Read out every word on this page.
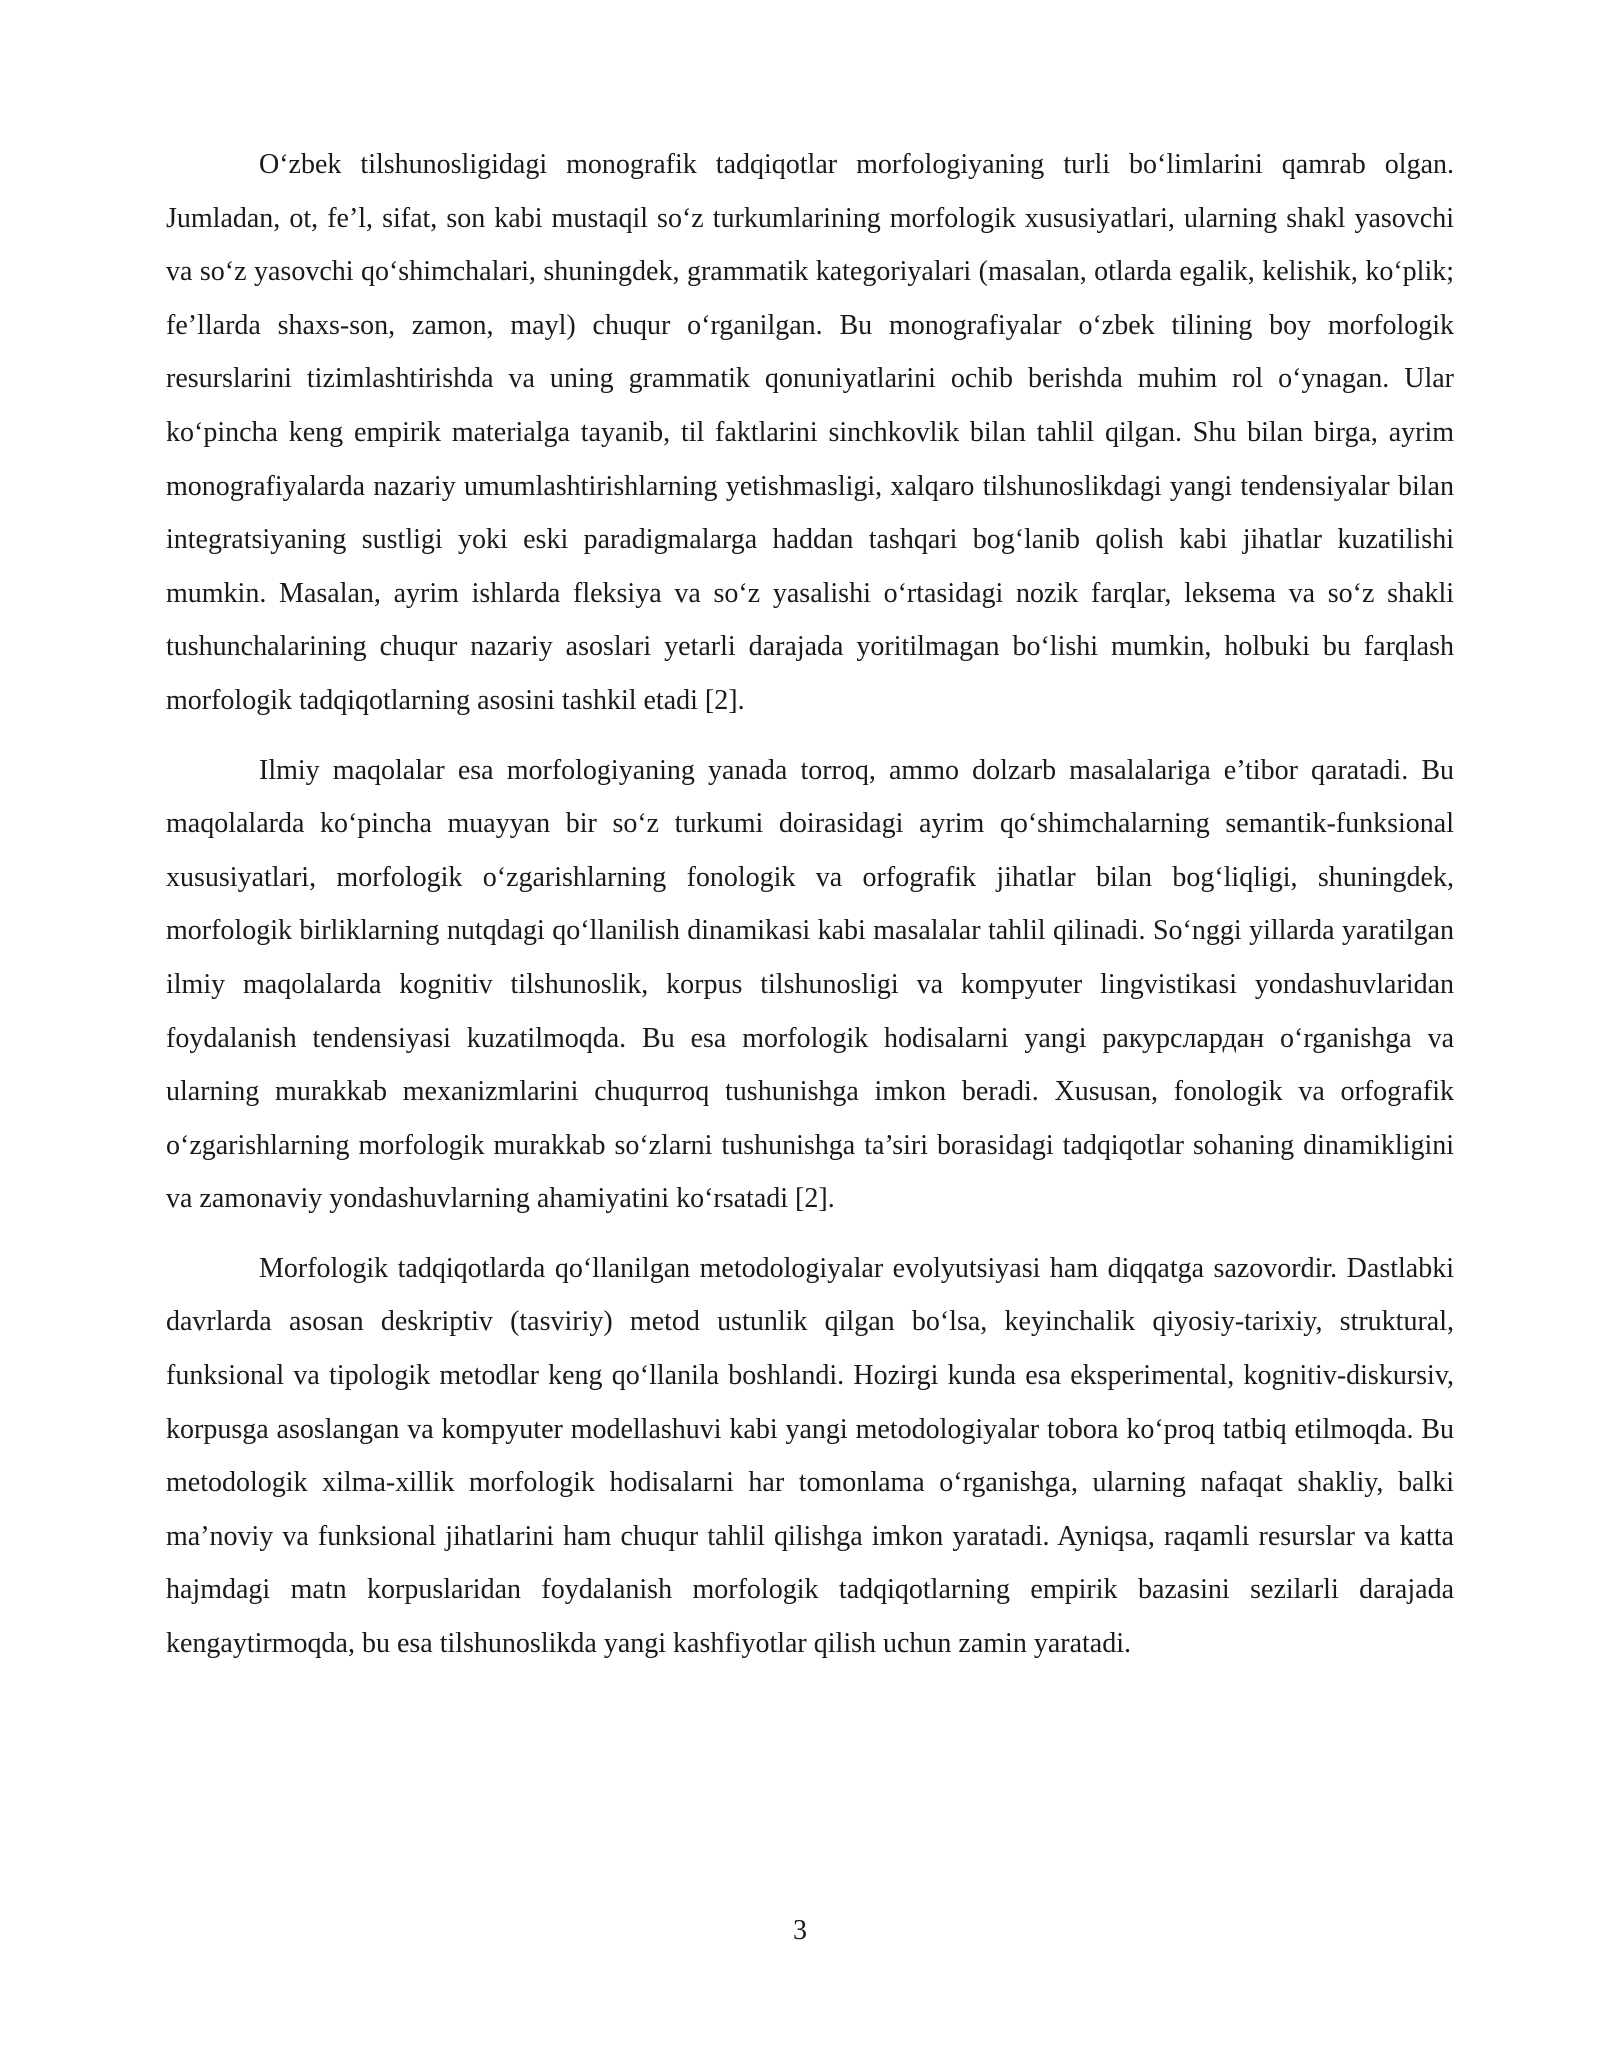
O‘zbek tilshunosligidagi monografik tadqiqotlar morfologiyaning turli bo‘limlarini qamrab olgan. Jumladan, ot, fe’l, sifat, son kabi mustaqil so‘z turkumlarining morfologik xususiyatlari, ularning shakl yasovchi va so‘z yasovchi qo‘shimchalari, shuningdek, grammatik kategoriyalari (masalan, otlarda egalik, kelishik, ko‘plik; fe’llarda shaxs-son, zamon, mayl) chuqur o‘rganilgan. Bu monografiyalar o‘zbek tilining boy morfologik resurslarini tizimlashtirishda va uning grammatik qonuniyatlarini ochib berishda muhim rol o‘ynagan. Ular ko‘pincha keng empirik materialga tayanib, til faktlarini sinchkovlik bilan tahlil qilgan. Shu bilan birga, ayrim monografiyalarda nazariy umumlashtirishlarning yetishmasligi, xalqaro tilshunoslikdagi yangi tendensiyalar bilan integratsiyaning sustligi yoki eski paradigmalarga haddan tashqari bog‘lanib qolish kabi jihatlar kuzatilishi mumkin. Masalan, ayrim ishlarda fleksiya va so‘z yasalishi o‘rtasidagi nozik farqlar, leksema va so‘z shakli tushunchalarining chuqur nazariy asoslari yetarli darajada yoritilmagan bo‘lishi mumkin, holbuki bu farqlash morfologik tadqiqotlarning asosini tashkil etadi [2].

Ilmiy maqolalar esa morfologiyaning yanada torroq, ammo dolzarb masalalariga e’tibor qaratadi. Bu maqolalarda ko‘pincha muayyan bir so‘z turkumi doirasidagi ayrim qo‘shimchalarning semantik-funksional xususiyatlari, morfologik o‘zgarishlarning fonologik va orfografik jihatlar bilan bog‘liqligi, shuningdek, morfologik birliklarning nutqdagi qo‘llanilish dinamikasi kabi masalalar tahlil qilinadi. So‘nggi yillarda yaratilgan ilmiy maqolalarda kognitiv tilshunoslik, korpus tilshunosligi va kompyuter lingvistikasi yondashuvlaridan foydalanish tendensiyasi kuzatilmoqda. Bu esa morfologik hodisalarni yangi ракурслардан o‘rganishga va ularning murakkab mexanizmlarini chuqurroq tushunishga imkon beradi. Xususan, fonologik va orfografik o‘zgarishlarning morfologik murakkab so‘zlarni tushunishga ta’siri borasidagi tadqiqotlar sohaning dinamikligini va zamonaviy yondashuvlarning ahamiyatini ko‘rsatadi [2].

Morfologik tadqiqotlarda qo‘llanilgan metodologiyalar evolyutsiyasi ham diqqatga sazovordir. Dastlabki davrlarda asosan deskriptiv (tasviriy) metod ustunlik qilgan bo‘lsa, keyinchalik qiyosiy-tarixiy, struktural, funksional va tipologik metodlar keng qo‘llanila boshlandi. Hozirgi kunda esa eksperimental, kognitiv-diskursiv, korpusga asoslangan va kompyuter modellashuvi kabi yangi metodologiyalar tobora ko‘proq tatbiq etilmoqda. Bu metodologik xilma-xillik morfologik hodisalarni har tomonlama o‘rganishga, ularning nafaqat shakliy, balki ma’noviy va funksional jihatlarini ham chuqur tahlil qilishga imkon yaratadi. Ayniqsa, raqamli resurslar va katta hajmdagi matn korpuslaridan foydalanish morfologik tadqiqotlarning empirik bazasini sezilarli darajada kengaytirmoqda, bu esa tilshunoslikda yangi kashfiyotlar qilish uchun zamin yaratadi.

3
